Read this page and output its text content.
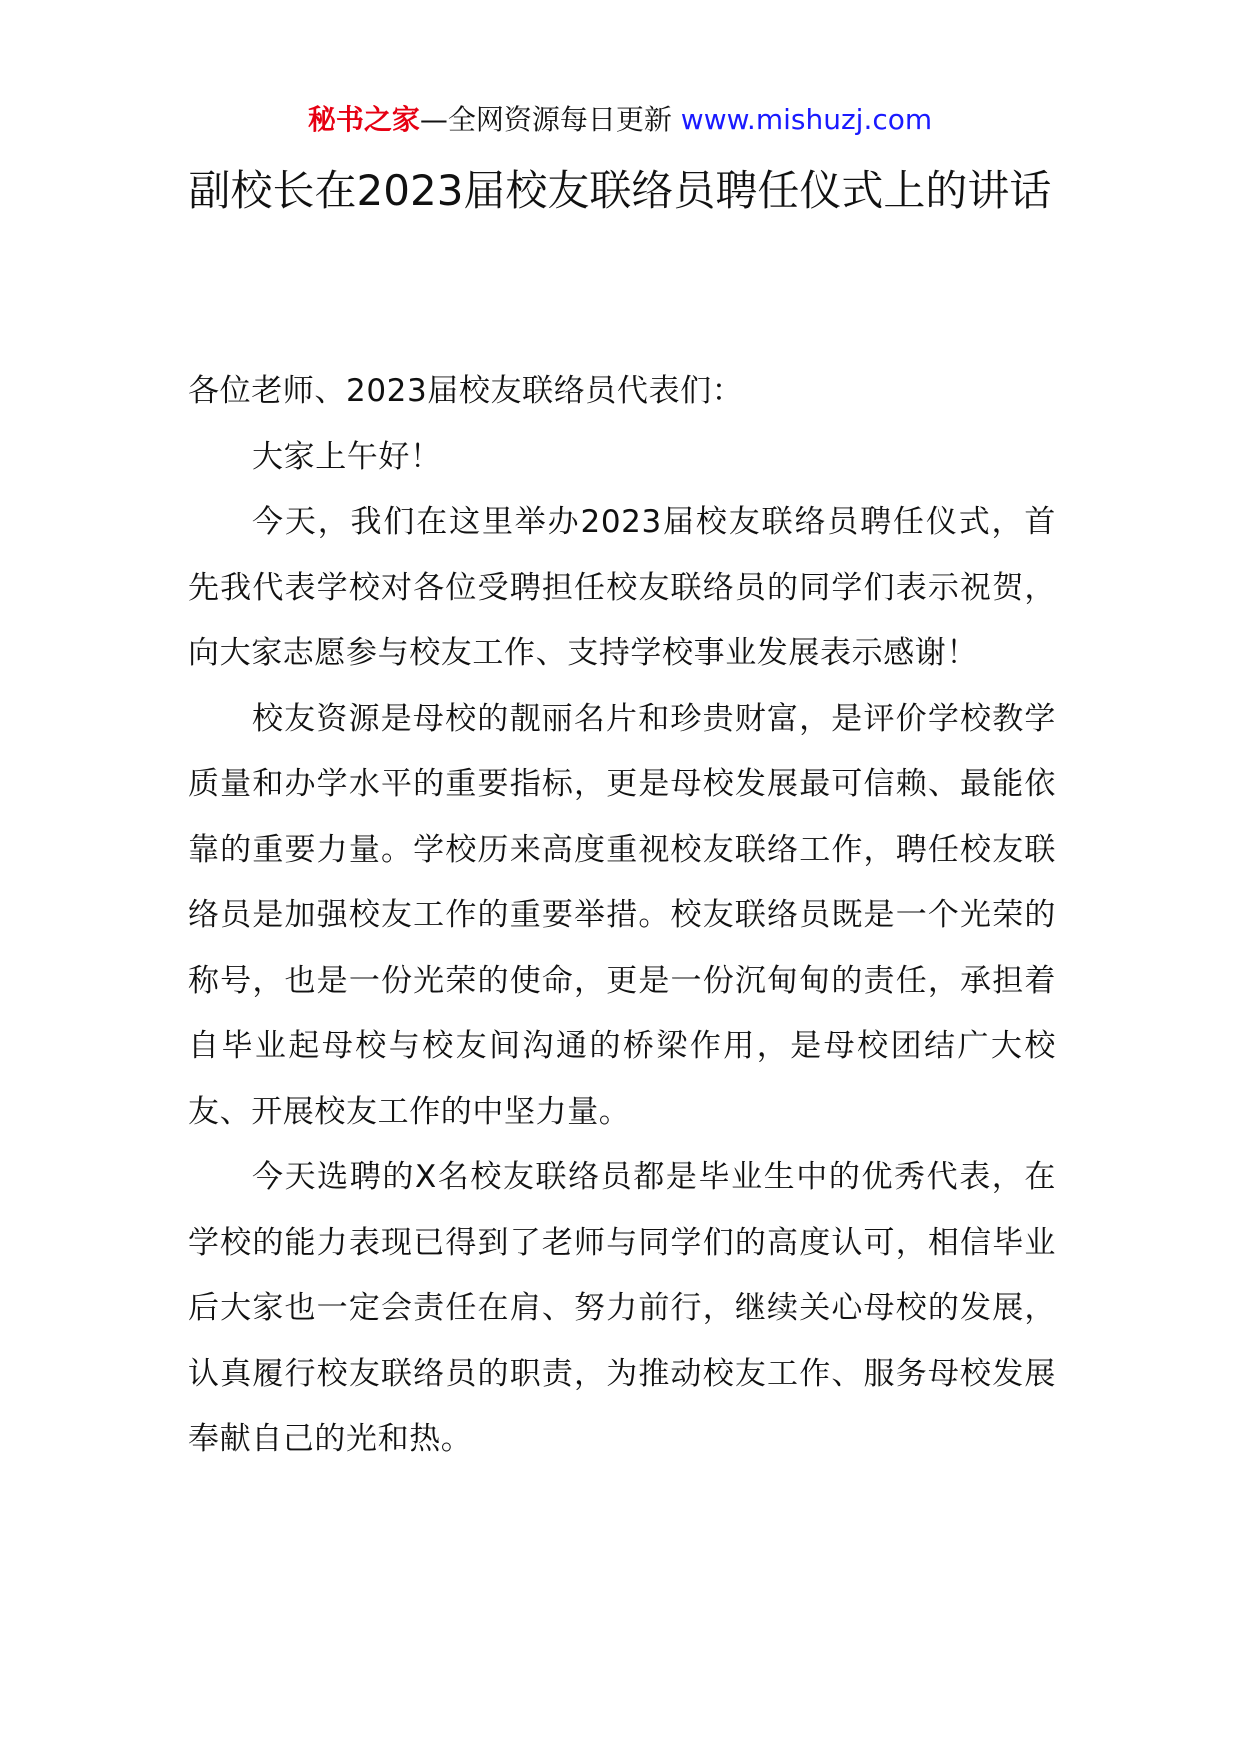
秘书之家—全网资源每日更新 www.mishuzj.com
副校长在2023届校友联络员聘任仪式上的讲话

各位老师、2023届校友联络员代表们：

大家上午好！

今天，我们在这里举办2023届校友联络员聘任仪式，首先我代表学校对各位受聘担任校友联络员的同学们表示祝贺，向大家志愿参与校友工作、支持学校事业发展表示感谢！

校友资源是母校的靓丽名片和珍贵财富，是评价学校教学质量和办学水平的重要指标，更是母校发展最可信赖、最能依靠的重要力量。学校历来高度重视校友联络工作，聘任校友联络员是加强校友工作的重要举措。校友联络员既是一个光荣的称号，也是一份光荣的使命，更是一份沉甸甸的责任，承担着自毕业起母校与校友间沟通的桥梁作用，是母校团结广大校友、开展校友工作的中坚力量。

今天选聘的X名校友联络员都是毕业生中的优秀代表，在学校的能力表现已得到了老师与同学们的高度认可，相信毕业后大家也一定会责任在肩、努力前行，继续关心母校的发展，认真履行校友联络员的职责，为推动校友工作、服务母校发展奉献自己的光和热。
